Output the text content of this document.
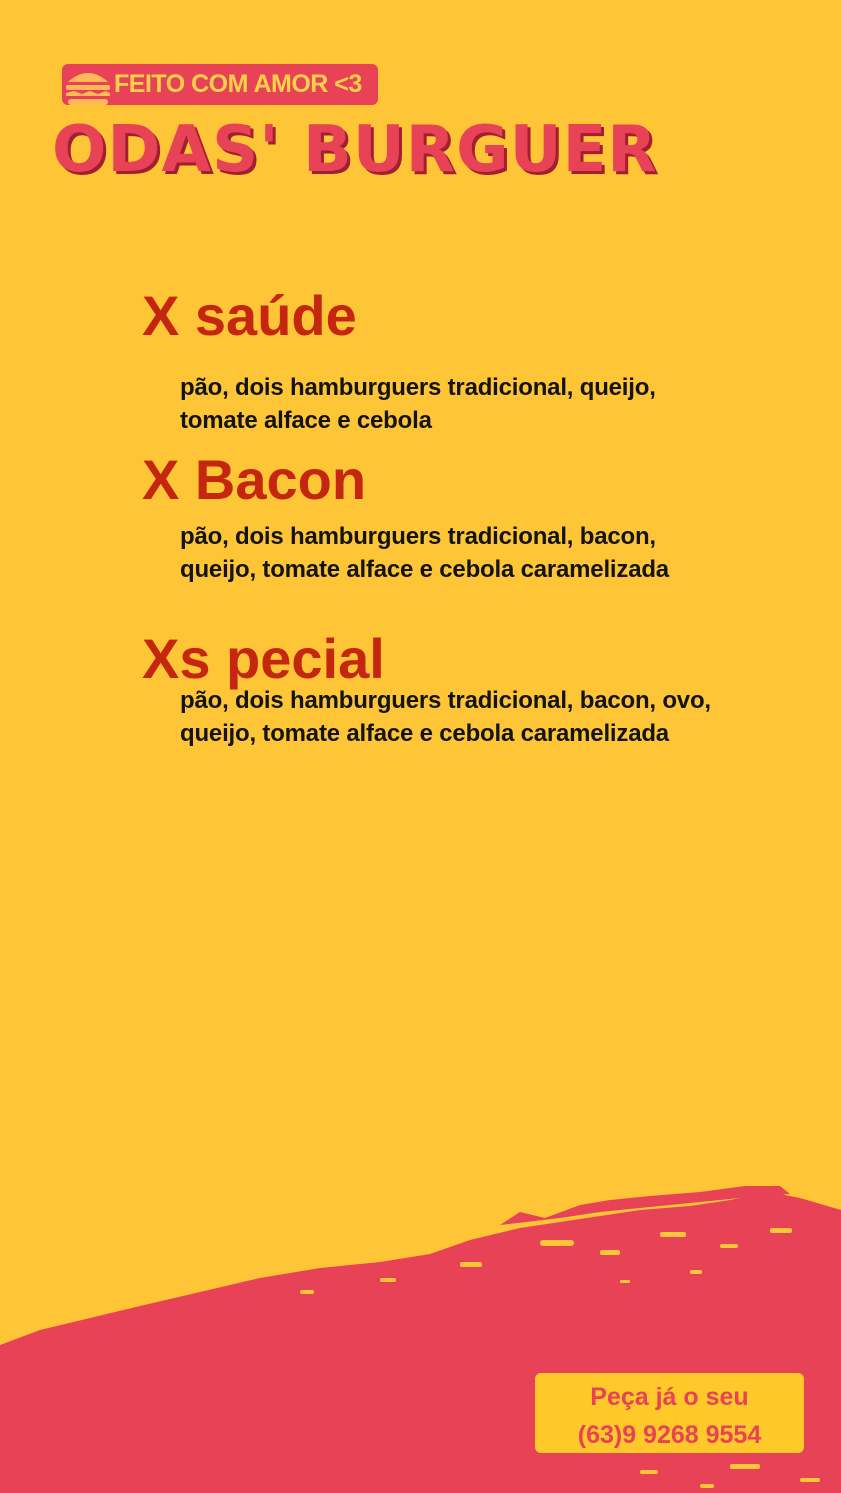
FEITO COM AMOR <3
ODAS' BURGUER
X saúde
pão, dois hamburguers tradicional, queijo,
tomate alface e cebola
X Bacon
pão, dois hamburguers tradicional, bacon,
queijo, tomate alface e cebola caramelizada
Xs pecial
pão, dois hamburguers tradicional, bacon, ovo,
queijo, tomate alface e cebola caramelizada
Peça já o seu
(63)9 9268 9554
